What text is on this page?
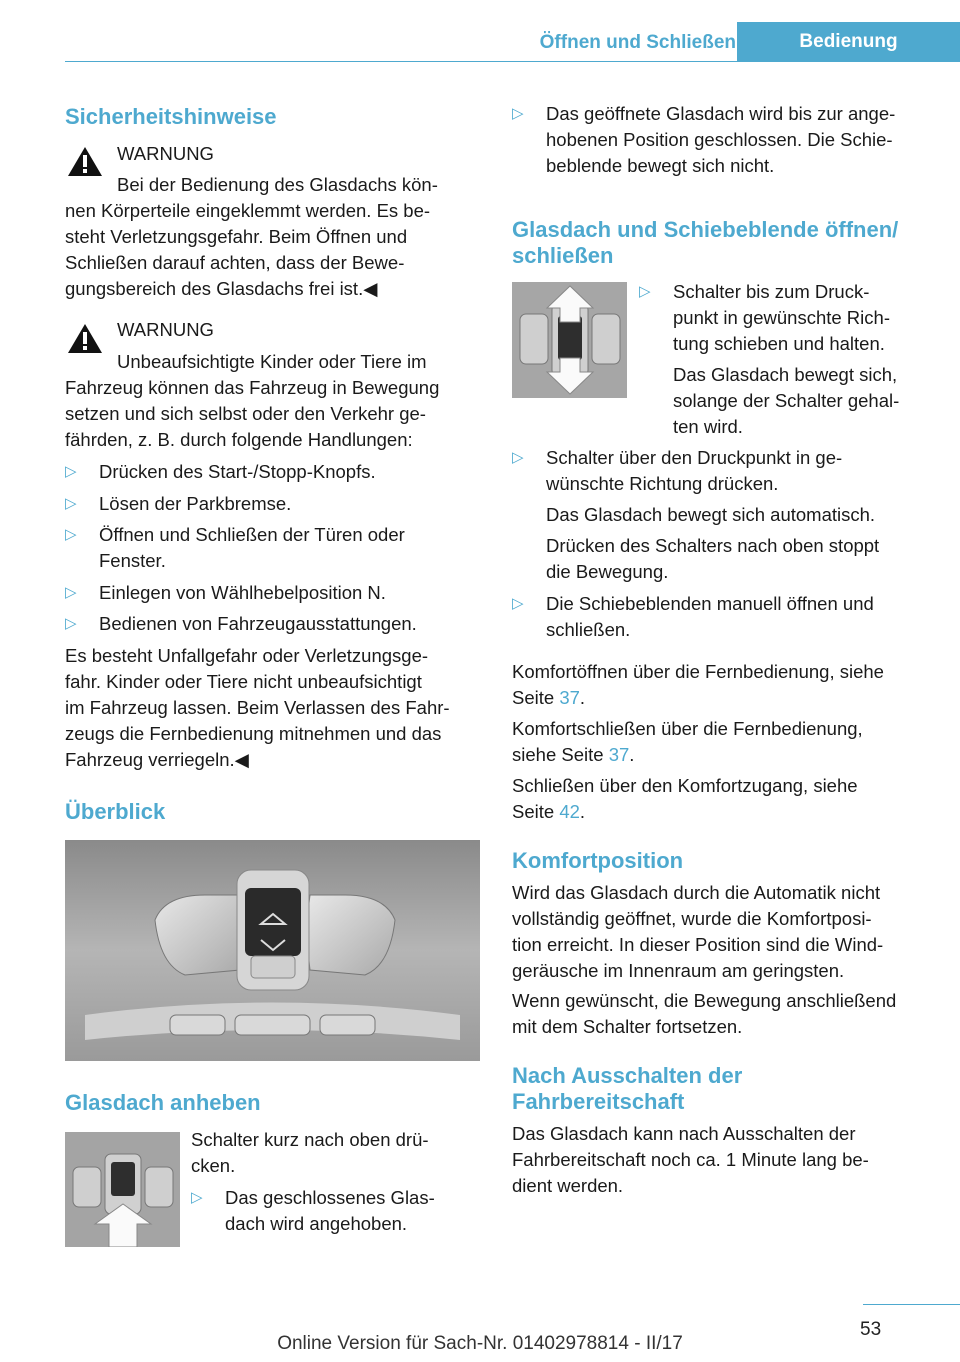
Öffnen und Schließen	Bedienung
Sicherheitshinweise
WARNUNG
Bei der Bedienung des Glasdachs kön‐
nen Körperteile eingeklemmt werden. Es be‐
steht Verletzungsgefahr. Beim Öffnen und
Schließen darauf achten, dass der Bewe‐
gungsbereich des Glasdachs frei ist.◀
WARNUNG
Unbeaufsichtigte Kinder oder Tiere im
Fahrzeug können das Fahrzeug in Bewegung
setzen und sich selbst oder den Verkehr ge‐
fährden, z. B. durch folgende Handlungen:
▷ Drücken des Start-/Stopp-Knopfs.
▷ Lösen der Parkbremse.
▷ Öffnen und Schließen der Türen oder
Fenster.
▷ Einlegen von Wählhebelposition N.
▷ Bedienen von Fahrzeugausstattungen.
Es besteht Unfallgefahr oder Verletzungsge‐
fahr. Kinder oder Tiere nicht unbeaufsichtigt
im Fahrzeug lassen. Beim Verlassen des Fahr‐
zeugs die Fernbedienung mitnehmen und das
Fahrzeug verriegeln.◀
Überblick
Glasdach anheben
Schalter kurz nach oben drü‐
cken.
▷ Das geschlossenes Glas‐
dach wird angehoben.
▷ Das geöffnete Glasdach wird bis zur ange‐
hobenen Position geschlossen. Die Schie‐
beblende bewegt sich nicht.
Glasdach und Schiebeblende öffnen/
schließen
▷ Schalter bis zum Druck‐
punkt in gewünschte Rich‐
tung schieben und halten.
Das Glasdach bewegt sich,
solange der Schalter gehal‐
ten wird.
▷ Schalter über den Druckpunkt in ge‐
wünschte Richtung drücken.
Das Glasdach bewegt sich automatisch.
Drücken des Schalters nach oben stoppt
die Bewegung.
▷ Die Schiebeblenden manuell öffnen und
schließen.
Komfortöffnen über die Fernbedienung, siehe
Seite 37.
Komfortschließen über die Fernbedienung,
siehe Seite 37.
Schließen über den Komfortzugang, siehe
Seite 42.
Komfortposition
Wird das Glasdach durch die Automatik nicht
vollständig geöffnet, wurde die Komfortposi‐
tion erreicht. In dieser Position sind die Wind‐
geräusche im Innenraum am geringsten.
Wenn gewünscht, die Bewegung anschließend
mit dem Schalter fortsetzen.
Nach Ausschalten der
Fahrbereitschaft
Das Glasdach kann nach Ausschalten der
Fahrbereitschaft noch ca. 1 Minute lang be‐
dient werden.
53
Online Version für Sach-Nr. 01402978814 - II/17
